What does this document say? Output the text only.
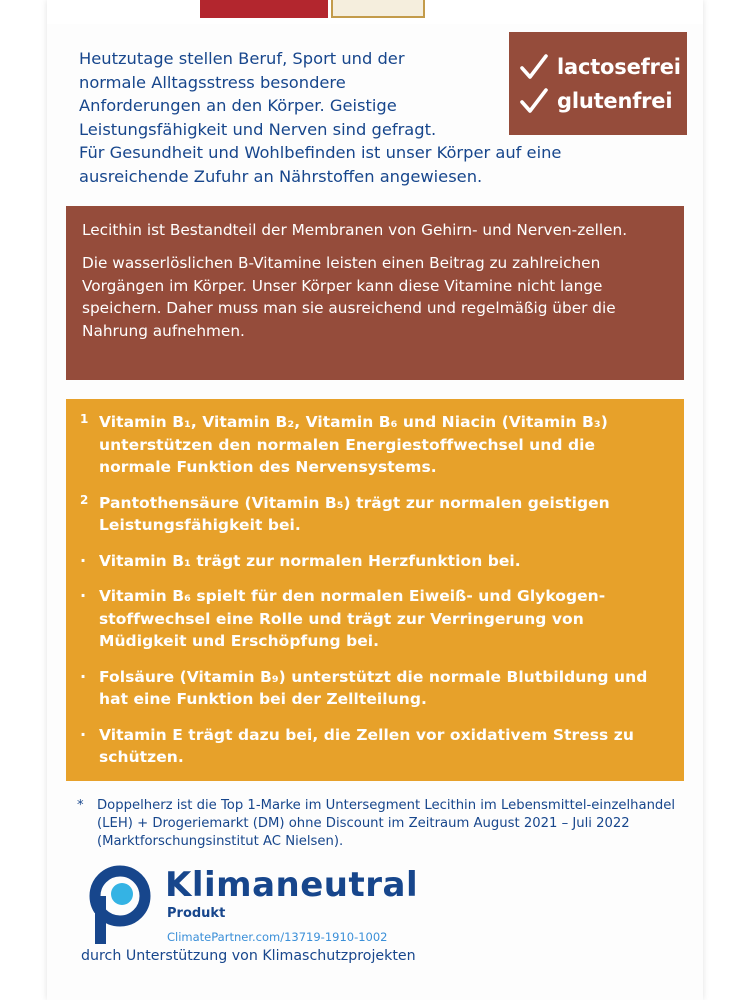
Heutzutage stellen Beruf, Sport und der
normale Alltagsstress besondere
Anforderungen an den Körper. Geistige
Leistungsfähigkeit und Nerven sind gefragt.
Für Gesundheit und Wohlbefinden ist unser Körper auf eine
ausreichende Zufuhr an Nährstoffen angewiesen.
lactosefrei
glutenfrei

Lecithin ist Bestandteil der Membranen von Gehirn- und Nerven-zellen.

Die wasserlöslichen B-Vitamine leisten einen Beitrag zu zahlreichen Vorgängen im Körper. Unser Körper kann diese Vitamine nicht lange speichern. Daher muss man sie ausreichend und regelmäßig über die Nahrung aufnehmen.

1 Vitamin B₁, Vitamin B₂, Vitamin B₆ und Niacin (Vitamin B₃) unterstützen den normalen Energiestoffwechsel und die normale Funktion des Nervensystems.
2 Pantothensäure (Vitamin B₅) trägt zur normalen geistigen Leistungsfähigkeit bei.
· Vitamin B₁ trägt zur normalen Herzfunktion bei.
· Vitamin B₆ spielt für den normalen Eiweiß- und Glykogen-stoffwechsel eine Rolle und trägt zur Verringerung von Müdigkeit und Erschöpfung bei.
· Folsäure (Vitamin B₉) unterstützt die normale Blutbildung und hat eine Funktion bei der Zellteilung.
· Vitamin E trägt dazu bei, die Zellen vor oxidativem Stress zu schützen.
*	Doppelherz ist die Top 1-Marke im Untersegment Lecithin im Lebensmittel-einzelhandel (LEH) + Drogeriemarkt (DM) ohne Discount im Zeitraum August 2021 – Juli 2022 (Marktforschungsinstitut AC Nielsen).
Klimaneutral
Produkt
ClimatePartner.com/13719-1910-1002
durch Unterstützung von Klimaschutzprojekten
